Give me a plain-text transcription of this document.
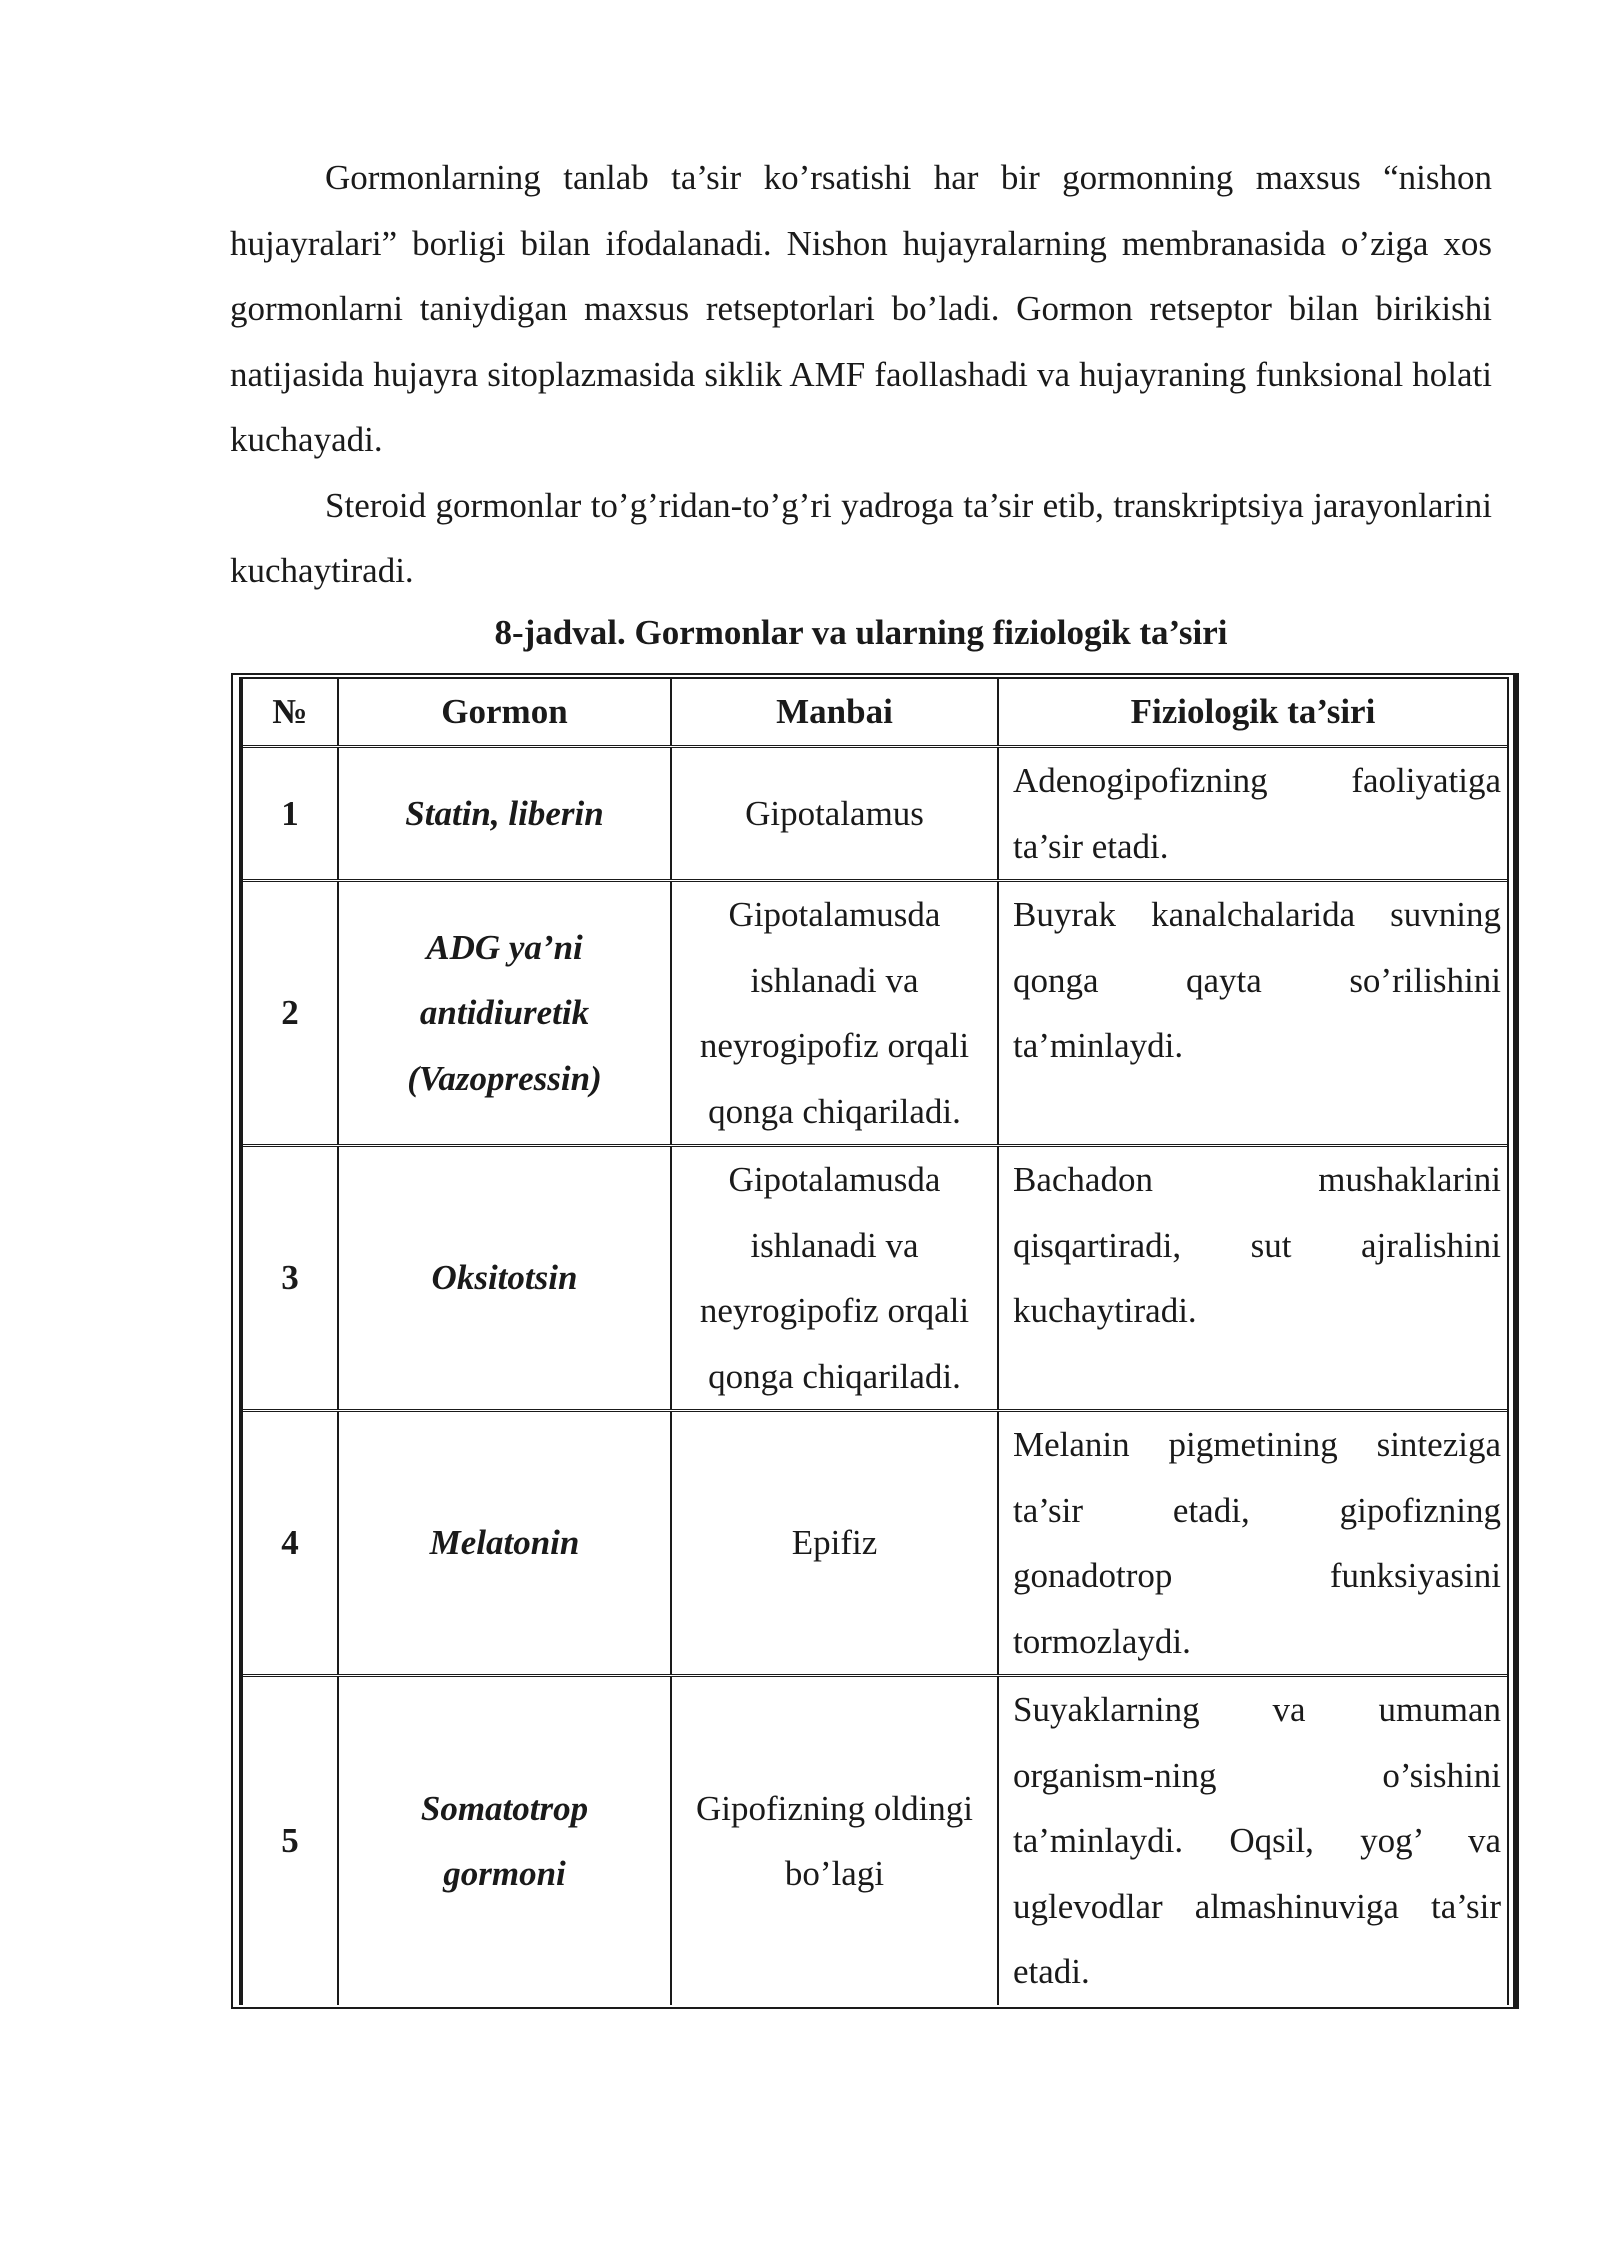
Gormonlarning tanlab ta’sir ko’rsatishi har bir gormonning maxsus “nishon hujayralari” borligi bilan ifodalanadi. Nishon hujayralarning membranasida o’ziga xos gormonlarni taniydigan maxsus retseptorlari bo’ladi. Gormon retseptor bilan birikishi natijasida hujayra sitoplazmasida siklik AMF faollashadi va hujayraning funksional holati kuchayadi.

Steroid gormonlar to’g’ridan-to’g’ri yadroga ta’sir etib, transkriptsiya jarayonlarini kuchaytiradi.

8-jadval. Gormonlar va ularning fiziologik ta’siri

№	Gormon	Manbai	Fiziologik ta’siri
1	Statin, liberin	Gipotalamus	Adenogipofizning faoliyatiga ta’sir etadi.
2	ADG ya’ni antidiuretik (Vazopressin)	Gipotalamusda ishlanadi va neyrogipofiz orqali qonga chiqariladi.	Buyrak kanalchalarida suvning qonga qayta so’rilishini ta’minlaydi.
3	Oksitotsin	Gipotalamusda ishlanadi va neyrogipofiz orqali qonga chiqariladi.	Bachadon mushaklarini qisqartiradi, sut ajralishini kuchaytiradi.
4	Melatonin	Epifiz	Melanin pigmetining sinteziga ta’sir etadi, gipofizning gonadotrop funksiyasini tormozlaydi.
5	Somatotrop gormoni	Gipofizning oldingi bo’lagi	Suyaklarning va umuman organism-ning o’sishini ta’minlaydi. Oqsil, yog’ va uglevodlar almashinuviga ta’sir etadi.
